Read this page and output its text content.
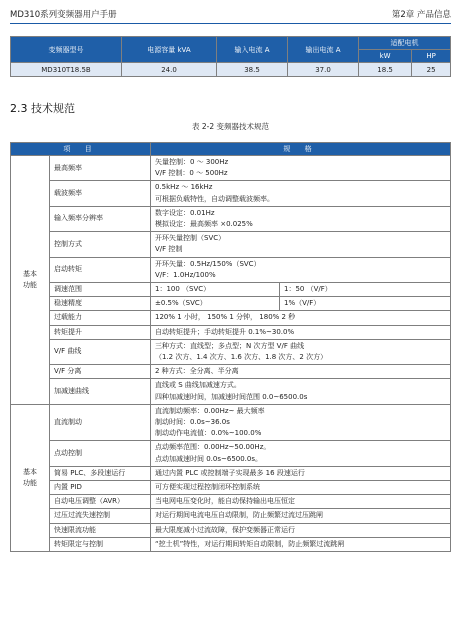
MD310系列变频器用户手册	第2章 产品信息
变频器型号	电源容量 kVA	输入电流 A	输出电流 A	适配电机	
				kW	HP
MD310T18.5B	24.0	38.5	37.0	18.5	25
2.3 技术规范
表 2-2 变频器技术规范
项 目		规 格	
基本
功能	最高频率	矢量控制：0 ～ 300Hz
V/F 控制：0 ～ 500Hz	
	载波频率	0.5kHz ～ 16kHz
可根据负载特性，自动调整载波频率。	
	输入频率分辨率	数字设定：0.01Hz
模拟设定：最高频率 ×0.025%	
	控制方式	开环矢量控制（SVC）
V/F 控制	
	启动转矩	开环矢量：0.5Hz/150%（SVC）
V/F：1.0Hz/100%	
	调速范围	1：100 （SVC）	1：50 （V/F）
	稳速精度	±0.5%（SVC）	1%（V/F）
	过载能力	120% 1 小时， 150% 1 分钟， 180% 2 秒	
	转矩提升	自动转矩提升；手动转矩提升 0.1%~30.0%	
	V/F 曲线	三种方式：直线型；多点型；N 次方型 V/F 曲线
（1.2 次方、1.4 次方、1.6 次方、1.8 次方、2 次方）	
	V/F 分离	2 种方式：全分离、半分离	
	加减速曲线	直线或 S 曲线加减速方式。
四种加减速时间，加减速时间范围 0.0~6500.0s	
基本
功能	直流制动	直流制动频率：0.00Hz~ 最大频率
制动时间：0.0s~36.0s
制动动作电流值：0.0%~100.0%	
	点动控制	点动频率范围：0.00Hz~50.00Hz。
点动加减速时间 0.0s~6500.0s。	
	简易 PLC、多段速运行	通过内置 PLC 或控制端子实现最多 16 段速运行	
	内置 PID	可方便实现过程控制闭环控制系统	
	自动电压调整（AVR）	当电网电压变化时，能自动保持输出电压恒定	
	过压过流失速控制	对运行期间电流电压自动限制，防止频繁过流过压跳闸	
	快速限流功能	最大限度减小过流故障，保护变频器正常运行	
	转矩限定与控制	“挖土机”特性，对运行期间转矩自动限制，防止频繁过流跳闸	
